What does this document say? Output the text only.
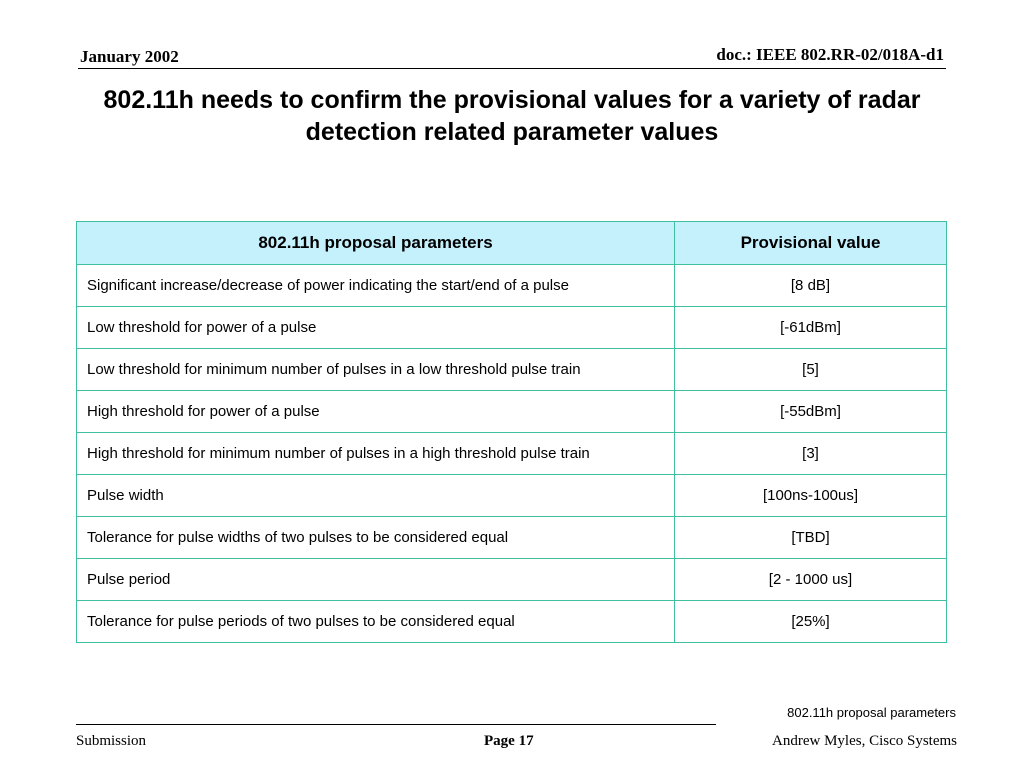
January 2002	doc.: IEEE 802.RR-02/018A-d1
802.11h needs to confirm the provisional values for a variety of radar detection related parameter values
802.11h proposal parameters	Provisional value
Significant increase/decrease of power indicating the start/end of a pulse	[8 dB]
Low threshold for power of a pulse	[-61dBm]
Low threshold for minimum number of pulses in a low threshold pulse train	[5]
High threshold for power of a pulse	[-55dBm]
High threshold for minimum number of pulses in a high threshold pulse train	[3]
Pulse width	[100ns-100us]
Tolerance for pulse widths of two pulses to be considered equal	[TBD]
Pulse period	[2 - 1000 us]
Tolerance for pulse periods of two pulses to be considered equal	[25%]
802.11h proposal parameters
Submission	Page 17	Andrew Myles, Cisco Systems
